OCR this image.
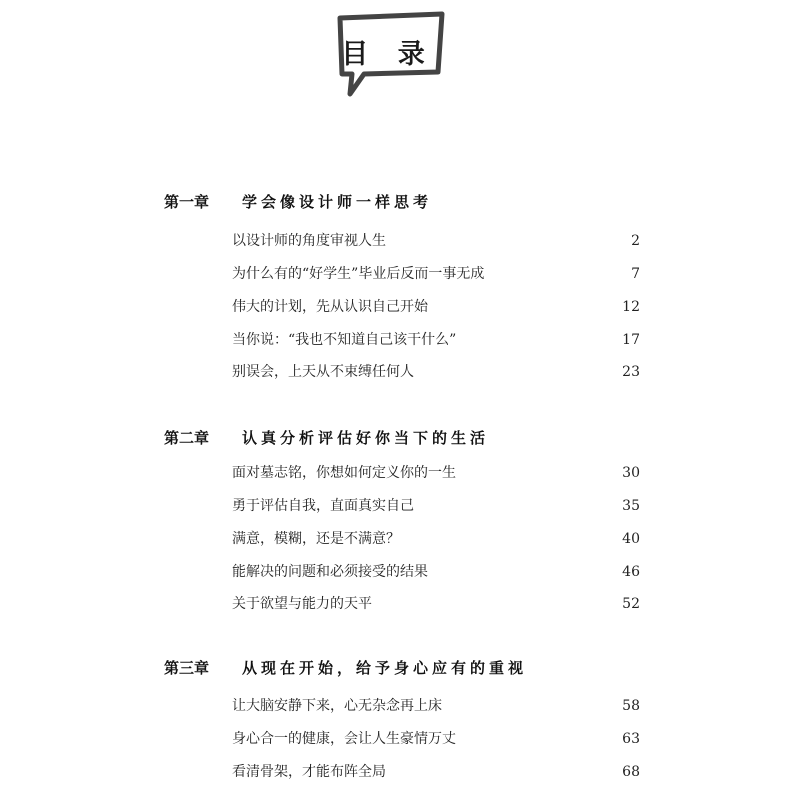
目 录
第一章 学会像设计师一样思考
以设计师的角度审视人生	2
为什么有的“好学生”毕业后反而一事无成	7
伟大的计划，先从认识自己开始	12
当你说：“我也不知道自己该干什么”	17
别误会，上天从不束缚任何人	23
第二章 认真分析评估好你当下的生活
面对墓志铭，你想如何定义你的一生	30
勇于评估自我，直面真实自己	35
满意，模糊，还是不满意？	40
能解决的问题和必须接受的结果	46
关于欲望与能力的天平	52
第三章 从现在开始，给予身心应有的重视
让大脑安静下来，心无杂念再上床	58
身心合一的健康，会让人生豪情万丈	63
看清骨架，才能布阵全局	68
